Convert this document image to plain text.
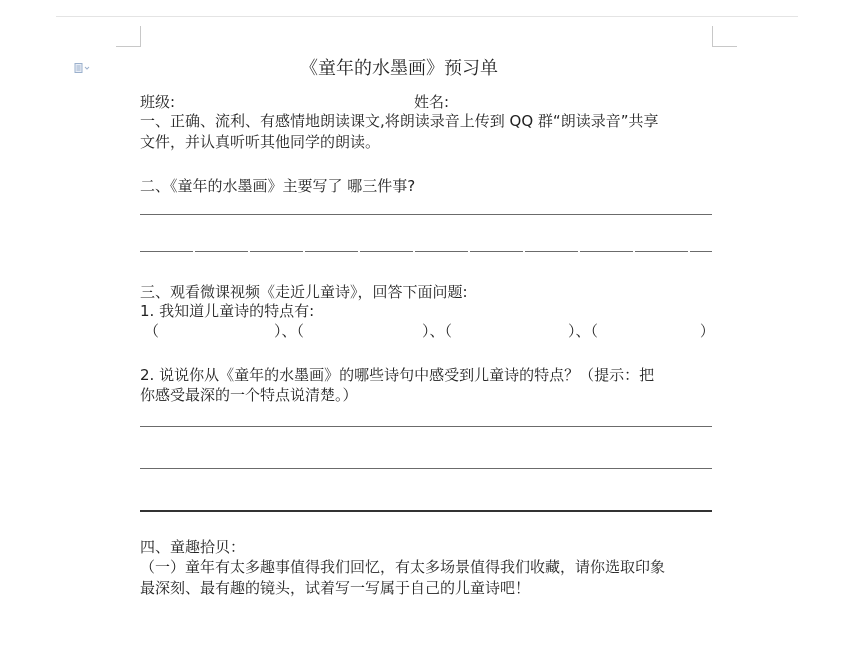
《童年的水墨画》预习单
班级:	姓名:
一、正确、流利、有感情地朗读课文,将朗读录音上传到 QQ 群“朗读录音”共享
文件，并认真听听其他同学的朗读。
二、《童年的水墨画》主要写了 哪三件事?
三、观看微课视频《走近儿童诗》，回答下面问题:
1. 我知道儿童诗的特点有:
（	）、（	）、（	）、（	）
2. 说说你从《童年的水墨画》的哪些诗句中感受到儿童诗的特点？（提示：把
你感受最深的一个特点说清楚。）
四、童趣拾贝：
（一）童年有太多趣事值得我们回忆，有太多场景值得我们收藏，请你选取印象
最深刻、最有趣的镜头，试着写一写属于自己的儿童诗吧！
